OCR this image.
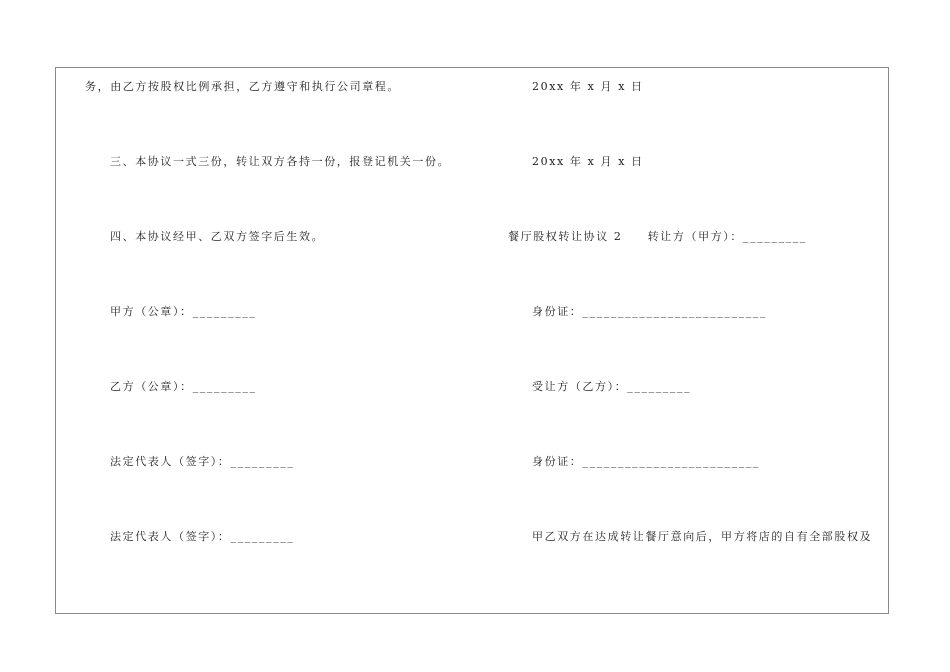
务，由乙方按股权比例承担，乙方遵守和执行公司章程。
三、本协议一式三份，转让双方各持一份，报登记机关一份。
四、本协议经甲、乙双方签字后生效。
甲方（公章）：_________
乙方（公章）：_________
法定代表人（签字）：_________
法定代表人（签字）：_________
20xx 年 x 月 x 日
20xx 年 x 月 x 日
餐厅股权转让协议 2　　转让方（甲方）：_________
身份证：__________________________
受让方（乙方）：_________
身份证：_________________________
甲乙双方在达成转让餐厅意向后，甲方将店的自有全部股权及
